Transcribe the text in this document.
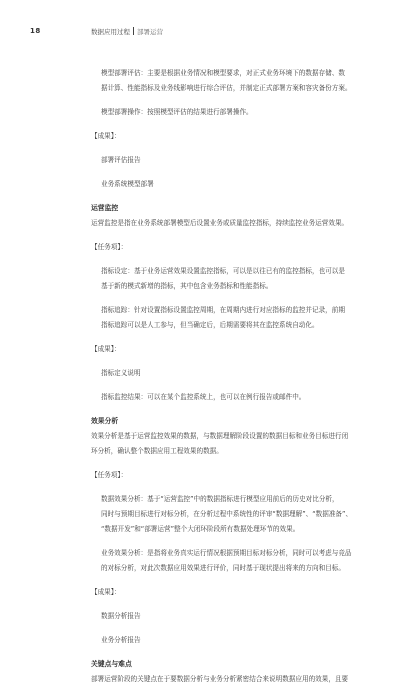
18	数据应用过程 部署运营

模型部署评估：主要是根据业务情况和模型要求，对正式业务环境下的数据存储、数

据计算、性能指标及业务线影响进行综合评估，并制定正式部署方案和容灾备份方案。

模型部署操作：按照模型评估的结果进行部署操作。

【成果】：

部署评估报告

业务系统模型部署

运营监控

运营监控是指在业务系统部署模型后设置业务或质量监控指标，持续监控业务运营效果。

【任务项】：

指标设定：基于业务运营效果设置监控指标，可以是以往已有的监控指标，也可以是

基于新的模式新增的指标，其中包含业务指标和性能指标。

指标追踪：针对设置指标设置监控周期，在周期内进行对应指标的监控并记录，前期

指标追踪可以是人工参与，但当确定后，后期需要将其在监控系统自动化。

【成果】：

指标定义说明

指标监控结果：可以在某个监控系统上，也可以在例行报告或邮件中。

效果分析

效果分析是基于运营监控效果的数据，与数据理解阶段设置的数据目标和业务目标进行闭

环分析，确认整个数据应用工程效果的数据。

【任务项】：

数据效果分析：基于“运营监控”中的数据指标进行模型应用前后的历史对比分析，

同时与预期目标进行对标分析，在分析过程中系统性的评审“数据理解”、“数据准备”、

“数据开发”和“部署运营”整个大闭环阶段所有数据处理环节的效果。

业务效果分析：是指将业务真实运行情况根据预期目标对标分析，同时可以考虑与竞品

的对标分析，对此次数据应用效果进行评价，同时基于现状提出将来的方向和目标。

【成果】：

数据分析报告

业务分析报告

关键点与难点

部署运营阶段的关键点在于要数据分析与业务分析紧密结合来说明数据应用的效果，且要
